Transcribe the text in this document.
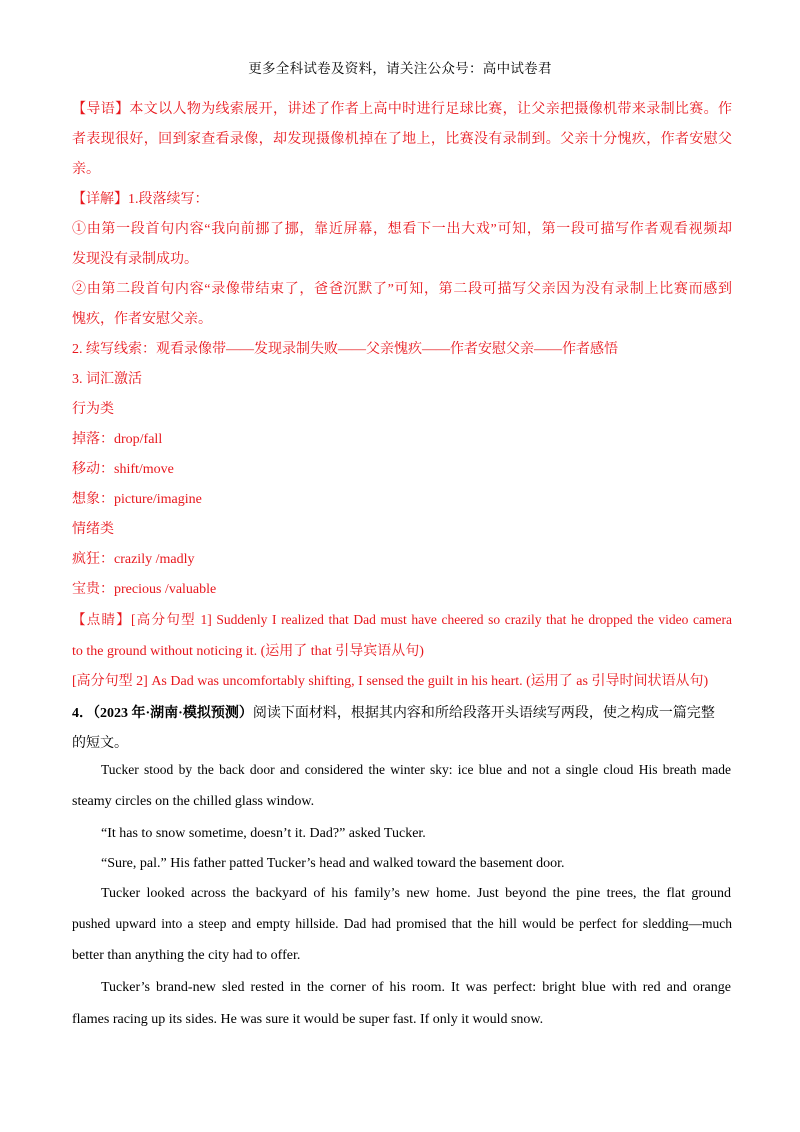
更多全科试卷及资料，请关注公众号：高中试卷君
【导语】本文以人物为线索展开，讲述了作者上高中时进行足球比赛，让父亲把摄像机带来录制比赛。作
者表现很好，回到家查看录像，却发现摄像机掉在了地上，比赛没有录制到。父亲十分愧疚，作者安慰父
亲。
【详解】1.段落续写：
①由第一段首句内容“我向前挪了挪，靠近屏幕，想看下一出大戏”可知，第一段可描写作者观看视频却
发现没有录制成功。
②由第二段首句内容“录像带结束了，爸爸沉默了”可知，第二段可描写父亲因为没有录制上比赛而感到
愧疚，作者安慰父亲。
2. 续写线索：观看录像带——发现录制失败——父亲愧疚——作者安慰父亲——作者感悟
3. 词汇激活
行为类
掉落：drop/fall
移动：shift/move
想象：picture/imagine
情绪类
疯狂：crazily /madly
宝贵：precious /valuable
【点睛】[高分句型 1] Suddenly I realized that Dad must have cheered so crazily that he dropped the video camera
to the ground without noticing it. (运用了 that 引导宾语从句)
[高分句型 2] As Dad was uncomfortably shifting, I sensed the guilt in his heart. (运用了 as 引导时间状语从句)
4．（2023 年·湖南·模拟预测）阅读下面材料，根据其内容和所给段落开头语续写两段，使之构成一篇完整
的短文。
Tucker stood by the back door and considered the winter sky: ice blue and not a single cloud His breath made
steamy circles on the chilled glass window.
“It has to snow sometime, doesn’t it. Dad?” asked Tucker.
“Sure, pal.” His father patted Tucker’s head and walked toward the basement door.
Tucker looked across the backyard of his family’s new home. Just beyond the pine trees, the flat ground
pushed upward into a steep and empty hillside. Dad had promised that the hill would be perfect for sledding—much
better than anything the city had to offer.
Tucker’s brand-new sled rested in the corner of his room. It was perfect: bright blue with red and orange
flames racing up its sides. He was sure it would be super fast. If only it would snow.
